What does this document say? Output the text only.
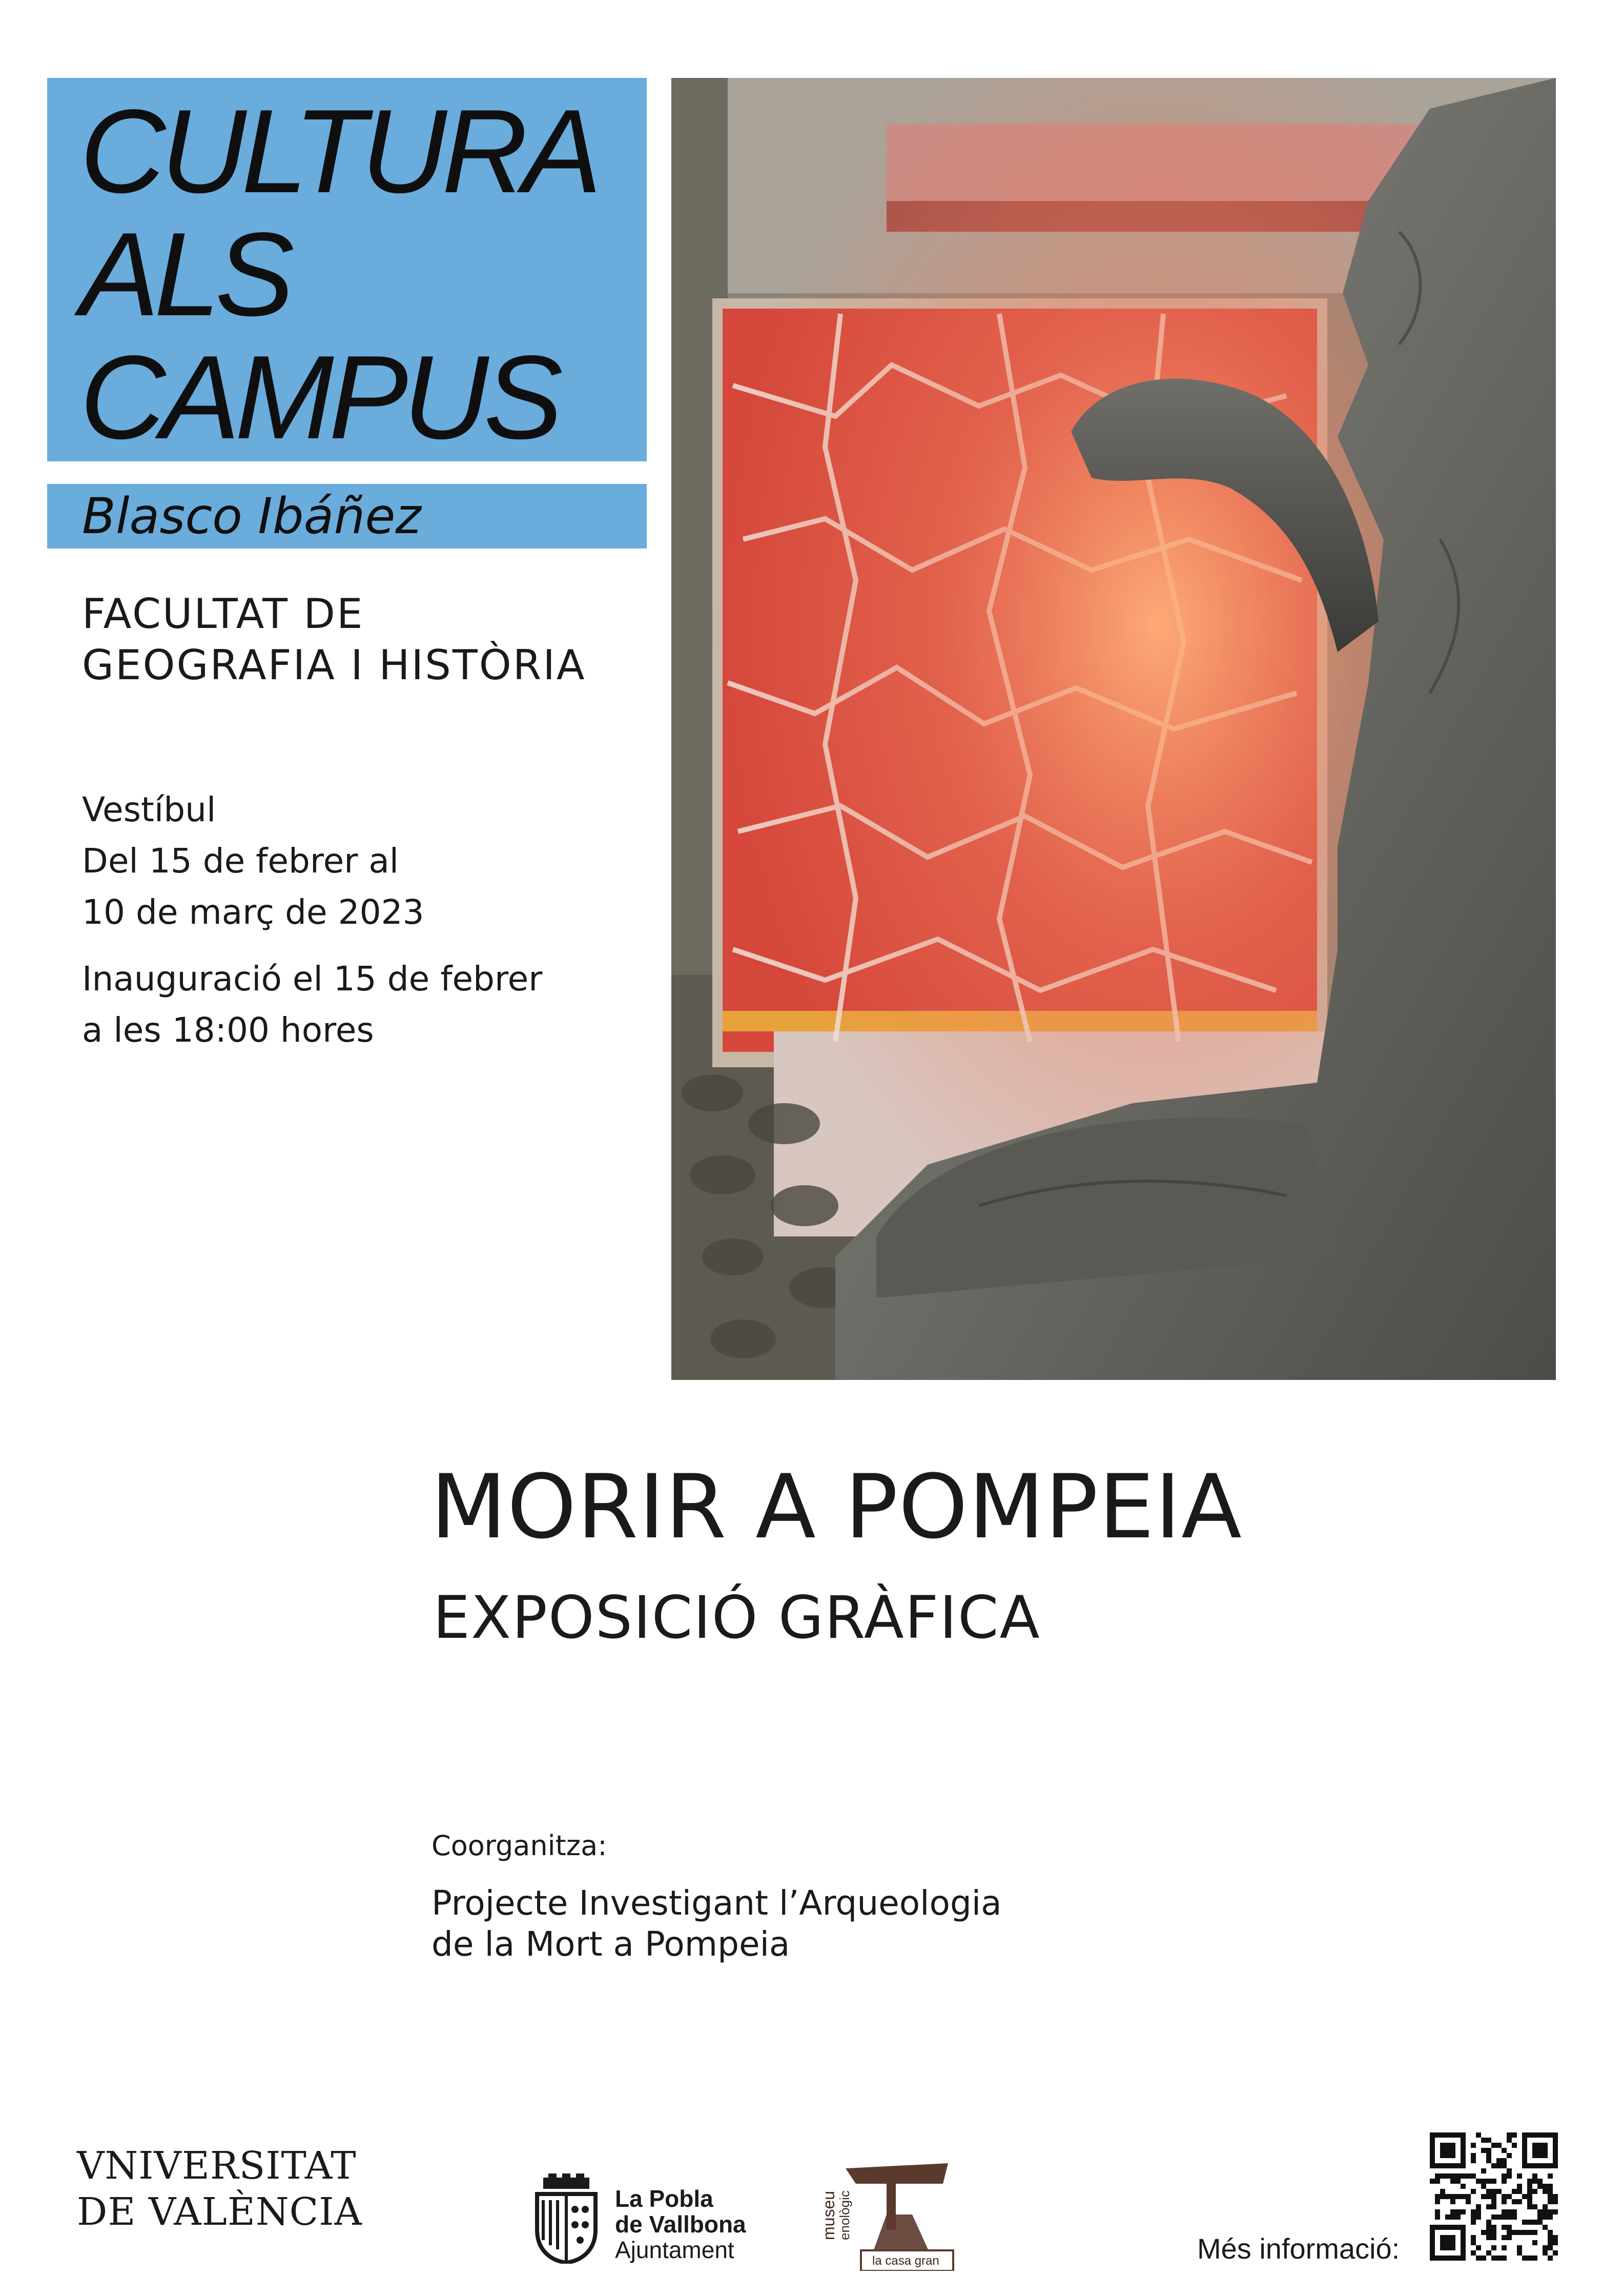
CULTURA
ALS
CAMPUS
Blasco Ibáñez
FACULTAT DE
GEOGRAFIA I HISTÒRIA
Vestíbul
Del 15 de febrer al
10 de març de 2023
Inauguració el 15 de febrer
a les 18:00 hores
MORIR A POMPEIA
EXPOSICIÓ GRÀFICA
Coorganitza:
Projecte Investigant l’Arqueologia
de la Mort a Pompeia
VNIVERSITAT
DE VALÈNCIA	La Pobla
de Vallbona
Ajuntament
museu
enològic
la casa gran	Més informació:
